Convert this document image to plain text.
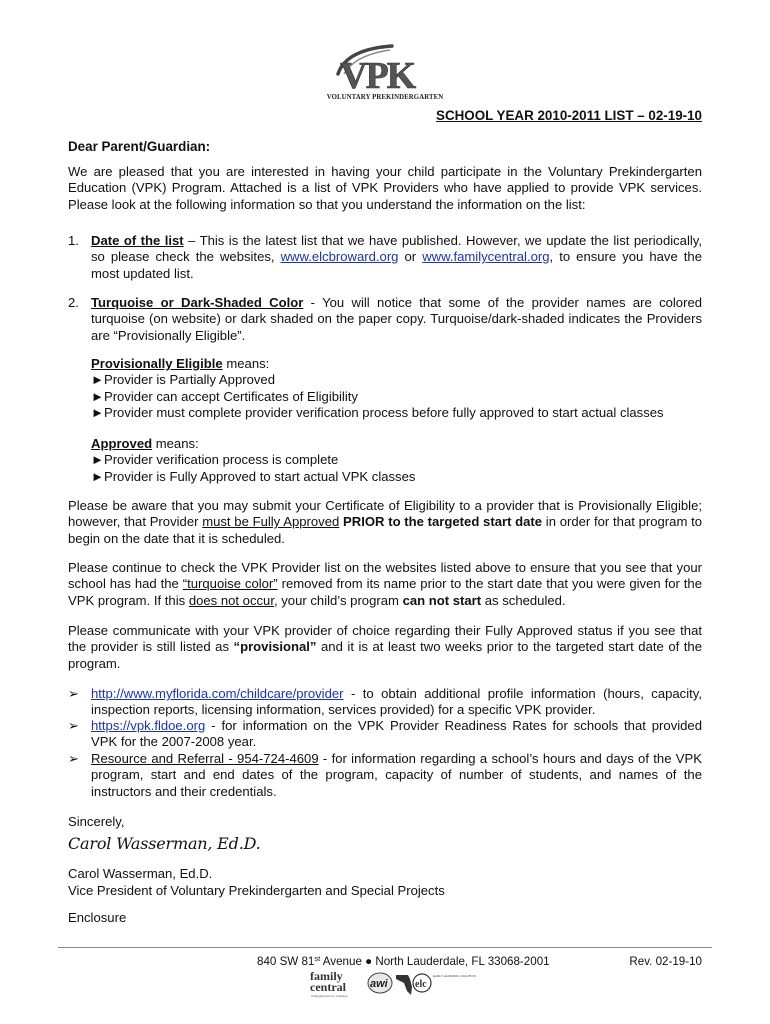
VPK
VOLUNTARY PREKINDERGARTEN
SCHOOL YEAR 2010-2011 LIST – 02-19-10
Dear Parent/Guardian:
We are pleased that you are interested in having your child participate in the Voluntary Prekindergarten Education (VPK) Program. Attached is a list of VPK Providers who have applied to provide VPK services. Please look at the following information so that you understand the information on the list:
1. Date of the list – This is the latest list that we have published. However, we update the list periodically, so please check the websites, www.elcbroward.org or www.familycentral.org, to ensure you have the most updated list.
2. Turquoise or Dark-Shaded Color - You will notice that some of the provider names are colored turquoise (on website) or dark shaded on the paper copy. Turquoise/dark-shaded indicates the Providers are “Provisionally Eligible”.
Provisionally Eligible means:
►Provider is Partially Approved
►Provider can accept Certificates of Eligibility
►Provider must complete provider verification process before fully approved to start actual classes
Approved means:
►Provider verification process is complete
►Provider is Fully Approved to start actual VPK classes
Please be aware that you may submit your Certificate of Eligibility to a provider that is Provisionally Eligible; however, that Provider must be Fully Approved PRIOR to the targeted start date in order for that program to begin on the date that it is scheduled.
Please continue to check the VPK Provider list on the websites listed above to ensure that you see that your school has had the “turquoise color” removed from its name prior to the start date that you were given for the VPK program. If this does not occur, your child’s program can not start as scheduled.
Please communicate with your VPK provider of choice regarding their Fully Approved status if you see that the provider is still listed as “provisional” and it is at least two weeks prior to the targeted start date of the program.
➢ http://www.myflorida.com/childcare/provider - to obtain additional profile information (hours, capacity, inspection reports, licensing information, services provided) for a specific VPK provider.
➢ https://vpk.fldoe.org - for information on the VPK Provider Readiness Rates for schools that provided VPK for the 2007-2008 year.
➢ Resource and Referral - 954-724-4609 - for information regarding a school’s hours and days of the VPK program, start and end dates of the program, capacity of number of students, and names of the instructors and their credentials.
Sincerely,
Carol Wasserman, Ed.D.
Carol Wasserman, Ed.D.
Vice President of Voluntary Prekindergarten and Special Projects
Enclosure
840 SW 81st Avenue ● North Lauderdale, FL 33068-2001	Rev. 02-19-10
family
central
Changing lives for a lifetime
awi	elc
EARLY LEARNING COALITION
